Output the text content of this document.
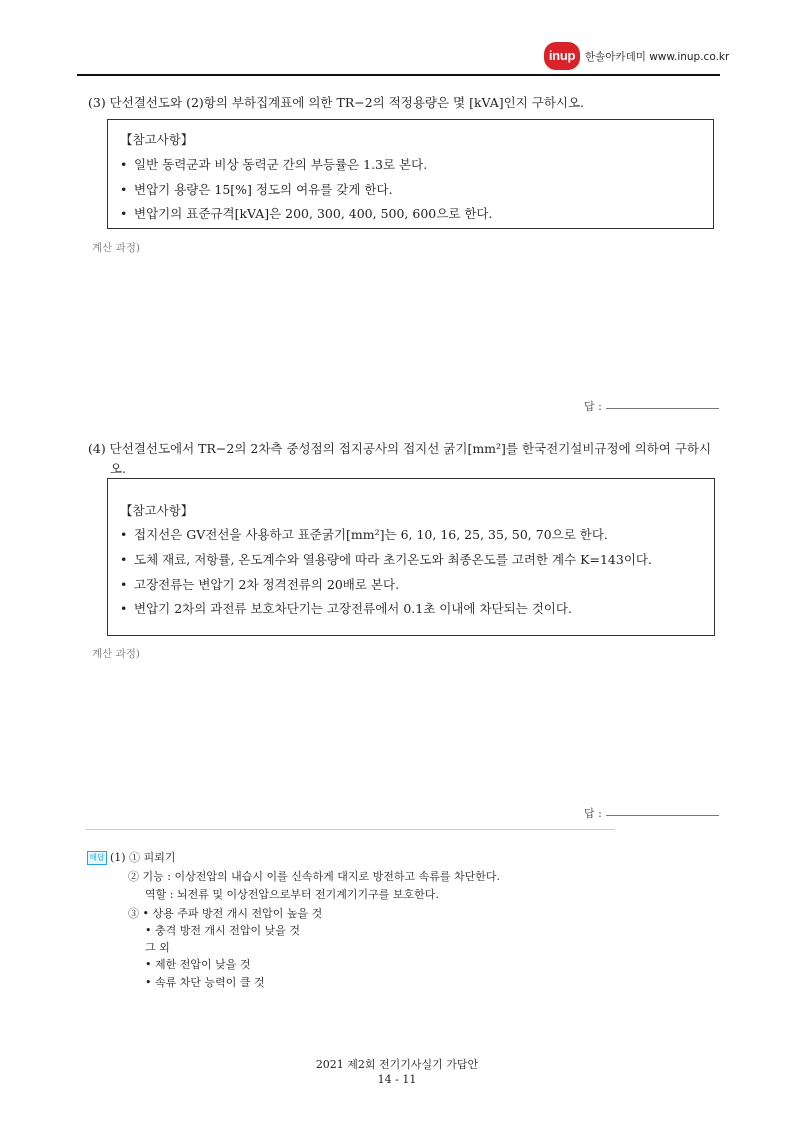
inup 한솔아카데미 www.inup.co.kr
(3) 단선결선도와 (2)항의 부하집계표에 의한 TR−2의 적정용량은 몇 [kVA]인지 구하시오.
【참고사항】
• 일반 동력군과 비상 동력군 간의 부등률은 1.3로 본다.
• 변압기 용량은 15[%] 정도의 여유를 갖게 한다.
• 변압기의 표준규격[kVA]은 200, 300, 400, 500, 600으로 한다.
계산 과정)
답 :
(4) 단선결선도에서 TR−2의 2차측 중성점의 접지공사의 접지선 굵기[mm²]를 한국전기설비규정에 의하여 구하시
오.
【참고사항】
• 접지선은 GV전선을 사용하고 표준굵기[mm²]는 6, 10, 16, 25, 35, 50, 70으로 한다.
• 도체 재료, 저항률, 온도계수와 열용량에 따라 초기온도와 최종온도를 고려한 계수 K=143이다.
• 고장전류는 변압기 2차 정격전류의 20배로 본다.
• 변압기 2차의 과전류 보호차단기는 고장전류에서 0.1초 이내에 차단되는 것이다.
계산 과정)
답 :
해답 (1) ① 피뢰기
② 기능 : 이상전압의 내습시 이를 신속하게 대지로 방전하고 속류를 차단한다.
역할 : 뇌전류 및 이상전압으로부터 전기계기기구를 보호한다.
③ • 상용 주파 방전 개시 전압이 높을 것
• 충격 방전 개시 전압이 낮을 것
그 외
• 제한 전압이 낮을 것
• 속류 차단 능력이 클 것
2021 제2회 전기기사실기 가답안
14 - 11
